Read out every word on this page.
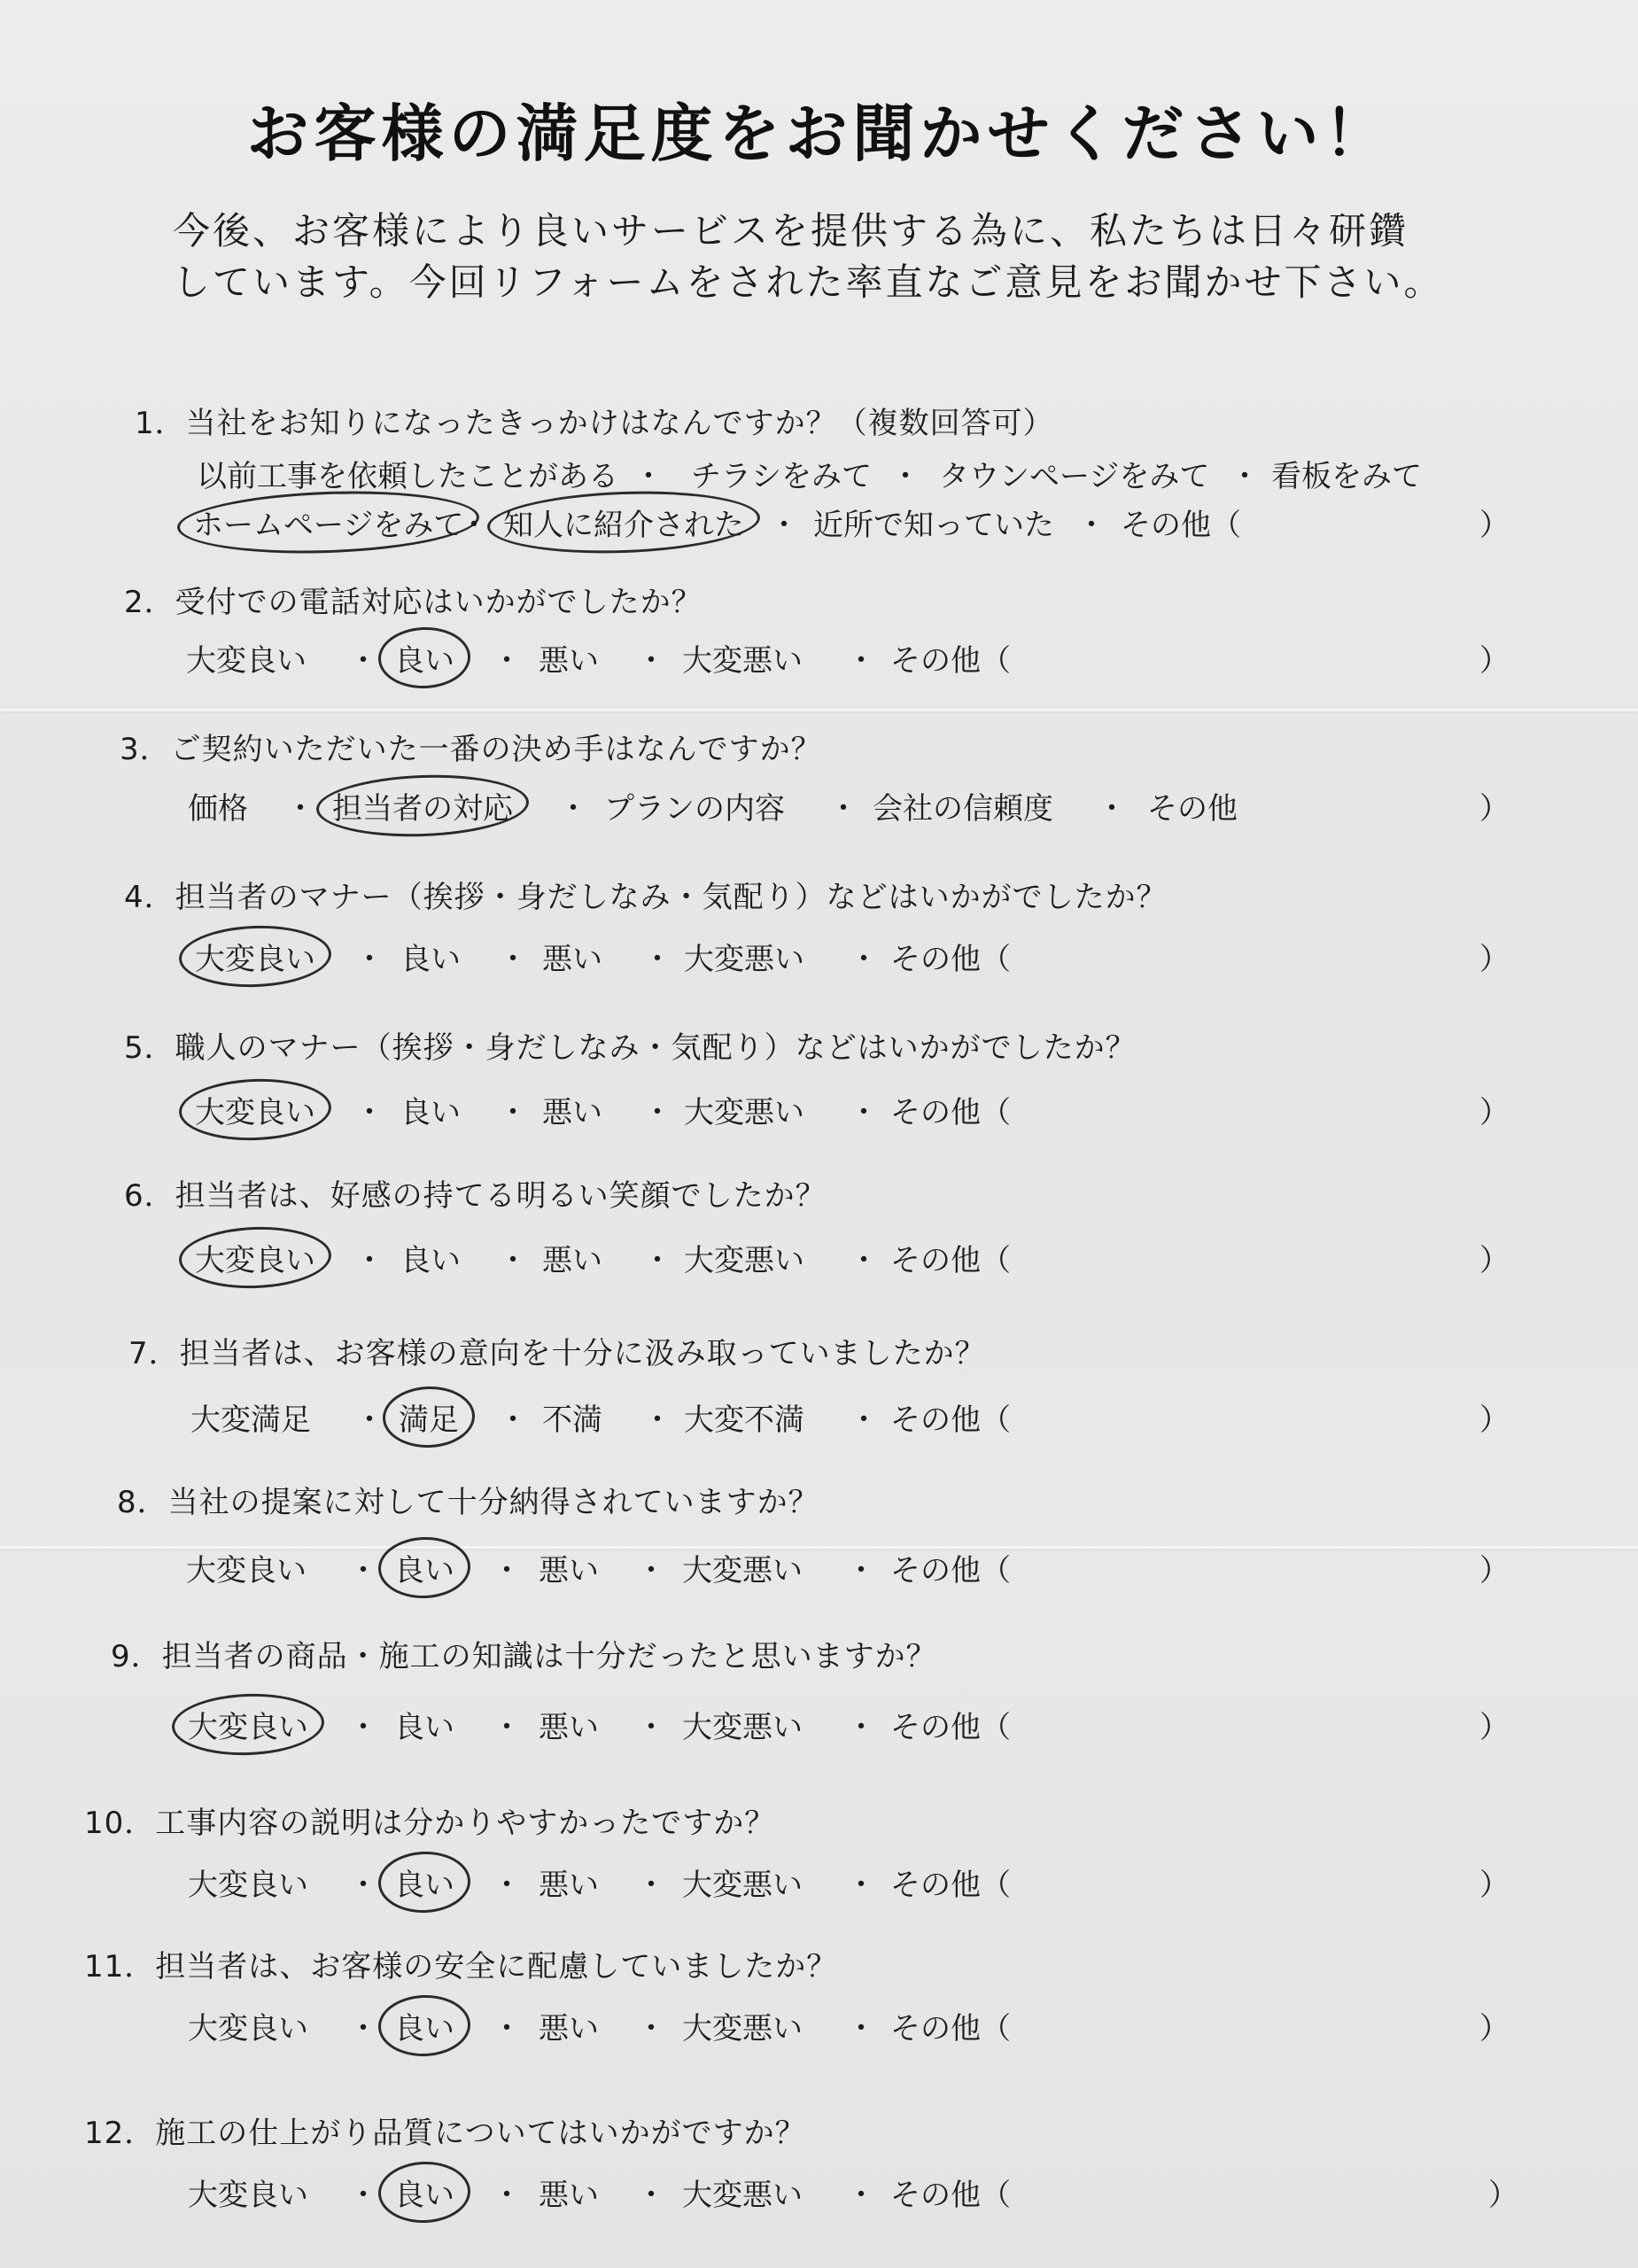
お客様の満足度をお聞かせください！
今後、お客様により良いサービスを提供する為に、私たちは日々研鑽
しています。今回リフォームをされた率直なご意見をお聞かせ下さい。
1．当社をお知りになったきっかけはなんですか？（複数回答可）
以前工事を依頼したことがある チラシをみて タウンページをみて 看板をみて
・	・	・
ホームページをみて 知人に紹介された 近所で知っていた その他（
・	・	・	）
2．受付での電話対応はいかがでしたか？
大変良い	良い	悪い	大変悪い	その他（
・	・	・	・	）
3．ご契約いただいた一番の決め手はなんですか？
価格	担当者の対応	プランの内容	会社の信頼度	その他
・	・	・	・	）
4．担当者のマナー（挨拶・身だしなみ・気配り）などはいかがでしたか？
大変良い	良い	悪い	大変悪い	その他（
・	・	・	・	）
5．職人のマナー（挨拶・身だしなみ・気配り）などはいかがでしたか？
大変良い	良い	悪い	大変悪い	その他（
・	・	・	・	）
6．担当者は、好感の持てる明るい笑顔でしたか？
大変良い	良い	悪い	大変悪い	その他（
・	・	・	・	）
7．担当者は、お客様の意向を十分に汲み取っていましたか？
大変満足	満足	不満	大変不満	その他（
・	・	・	・	）
8．当社の提案に対して十分納得されていますか？
大変良い	良い	悪い	大変悪い	その他（
・	・	・	・	）
9．担当者の商品・施工の知識は十分だったと思いますか？
大変良い	良い	悪い	大変悪い	その他（
・	・	・	・	）
10．工事内容の説明は分かりやすかったですか？
大変良い	良い	悪い	大変悪い	その他（
・	・	・	・	）
11．担当者は、お客様の安全に配慮していましたか？
大変良い	良い	悪い	大変悪い	その他（
・	・	・	・	）
12．施工の仕上がり品質についてはいかがですか？
大変良い	良い	悪い	大変悪い	その他（
・	・	・	・	）
